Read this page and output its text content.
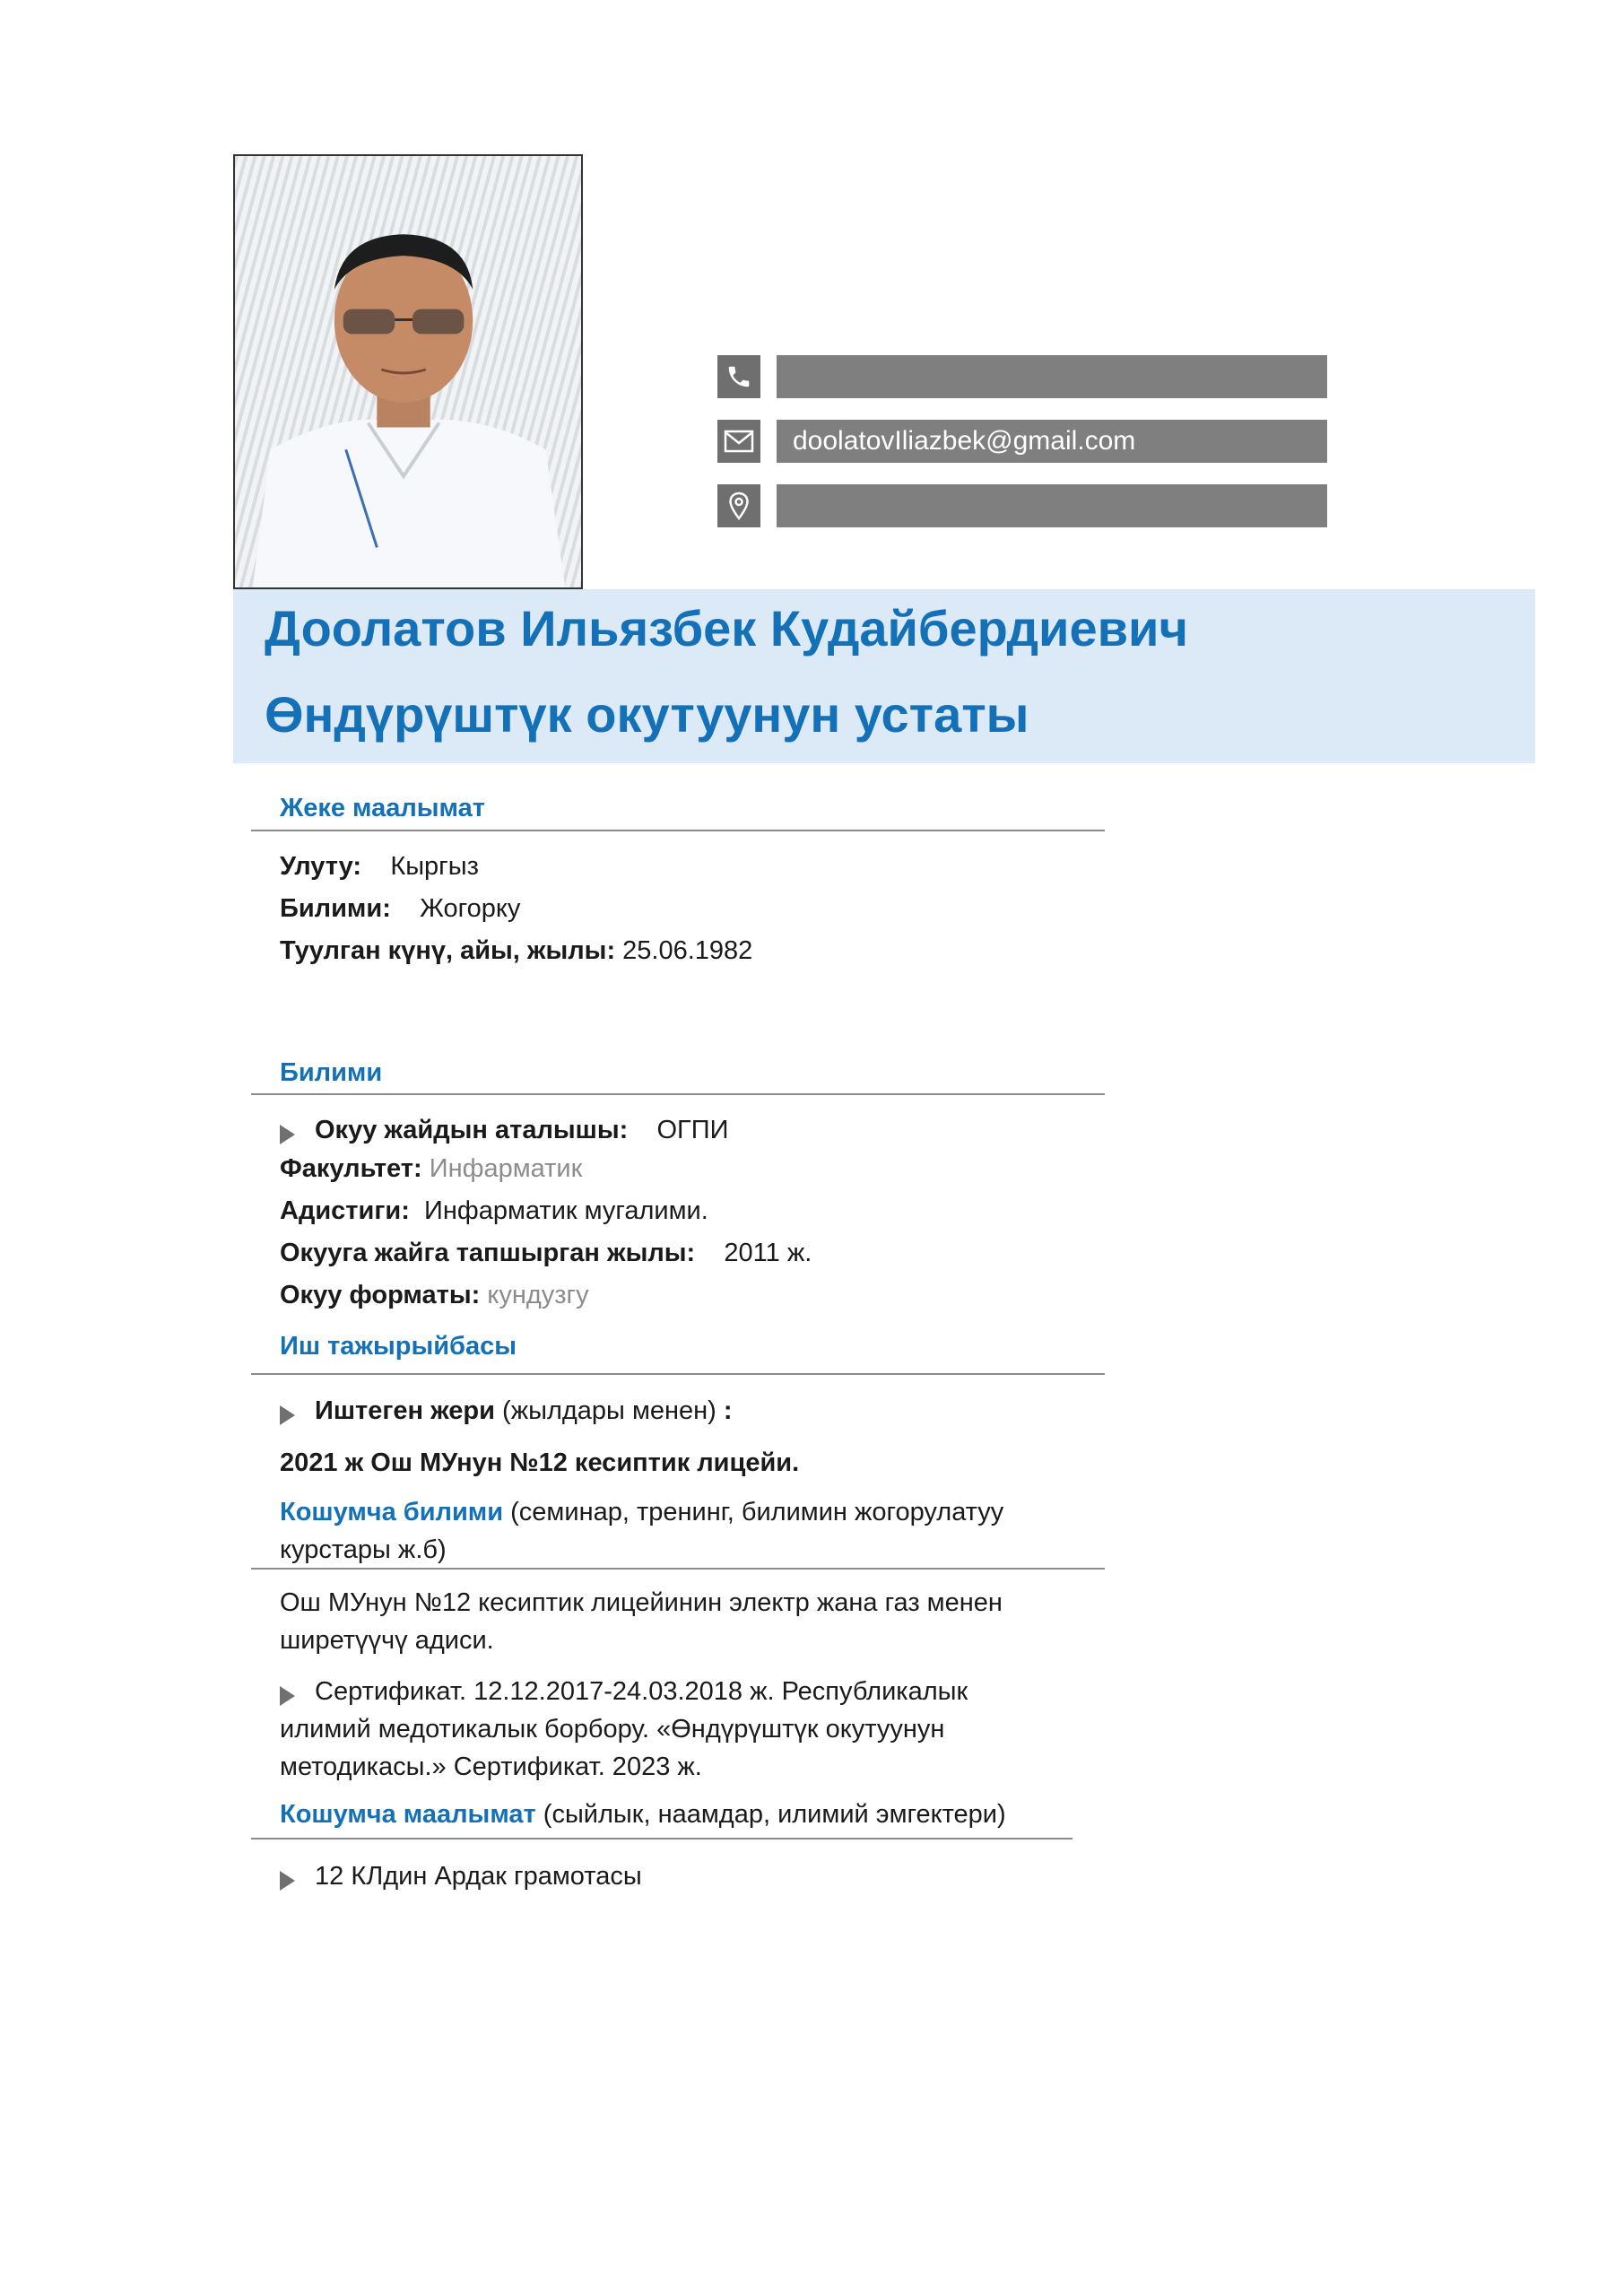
doolatovIliazbek@gmail.com
Доолатов Ильязбек Кудайбердиевич
Өндүрүштүк окутуунун устаты
Жеке маалымат
Улуту: Кыргыз
Билими: Жогорку
Туулган күнү, айы, жылы: 25.06.1982
Билими
Окуу жайдын аталышы: ОГПИ
Факультет: Инфарматик
Адистиги: Инфарматик мугалими.
Окууга жайга тапшырган жылы: 2011 ж.
Окуу форматы: кундузгу
Иш тажырыйбасы
Иштеген жери (жылдары менен) :
2021 ж Ош МУнун №12 кесиптик лицейи.
Кошумча билими (семинар, тренинг, билимин жогорулатуу
курстары ж.б)
Ош МУнун №12 кесиптик лицейинин электр жана газ менен
ширетүүчү адиси.
Сертификат. 12.12.2017-24.03.2018 ж. Республикалык
илимий медотикалык борбору. «Өндүрүштүк окутуунун
методикасы.» Сертификат. 2023 ж.
Кошумча маалымат (сыйлык, наамдар, илимий эмгектери)
12 КЛдин Ардак грамотасы
